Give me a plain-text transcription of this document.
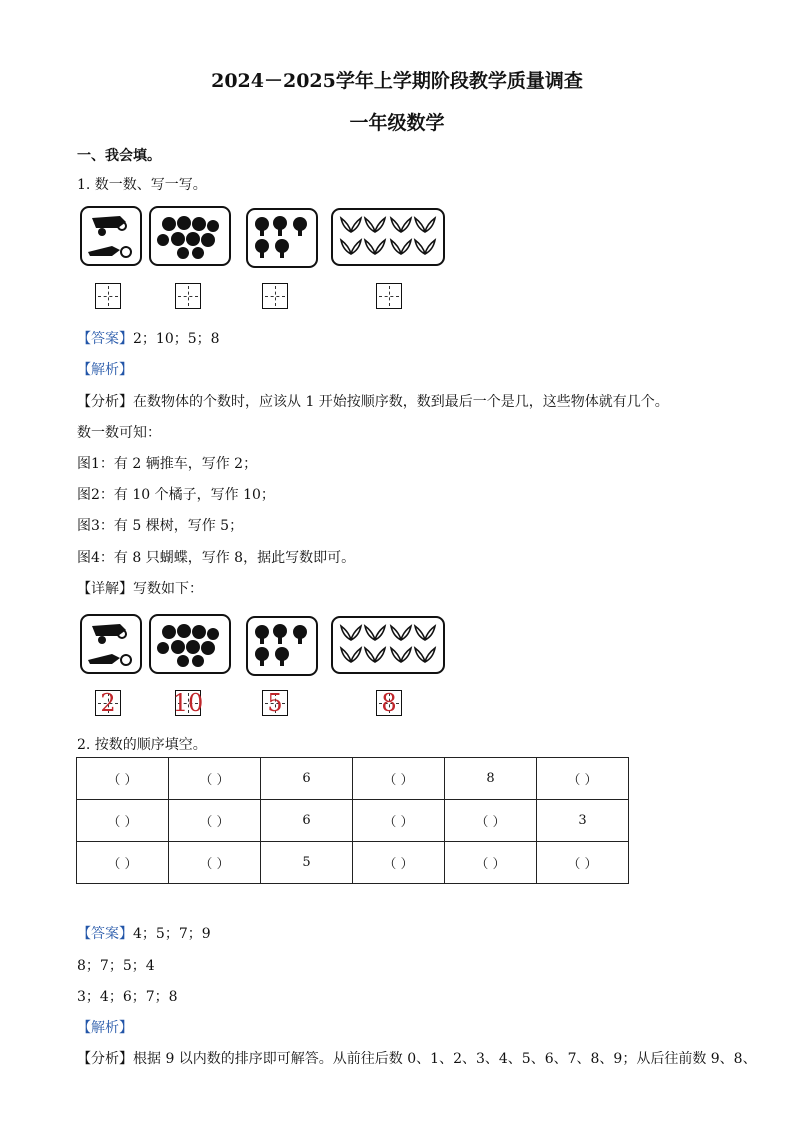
2024－2025学年上学期阶段教学质量调查
一年级数学
一、我会填。
1. 数一数、写一写。
【答案】2；10；5；8
【解析】
【分析】在数物体的个数时，应该从 1 开始按顺序数，数到最后一个是几，这些物体就有几个。
数一数可知：
图1：有 2 辆推车，写作 2；
图2：有 10 个橘子，写作 10；
图3：有 5 棵树，写作 5；
图4：有 8 只蝴蝶，写作 8，据此写数即可。
【详解】写数如下：
2	10	5	8
2. 按数的顺序填空。
（ ）	（ ）	6	（ ）	8	（ ）
（ ）	（ ）	6	（ ）	（ ）	3
（ ）	（ ）	5	（ ）	（ ）	（ ）
【答案】4；5；7；9
8；7；5；4
3；4；6；7；8
【解析】
【分析】根据 9 以内数的排序即可解答。从前往后数 0、1、2、3、4、5、6、7、8、9；从后往前数 9、8、
